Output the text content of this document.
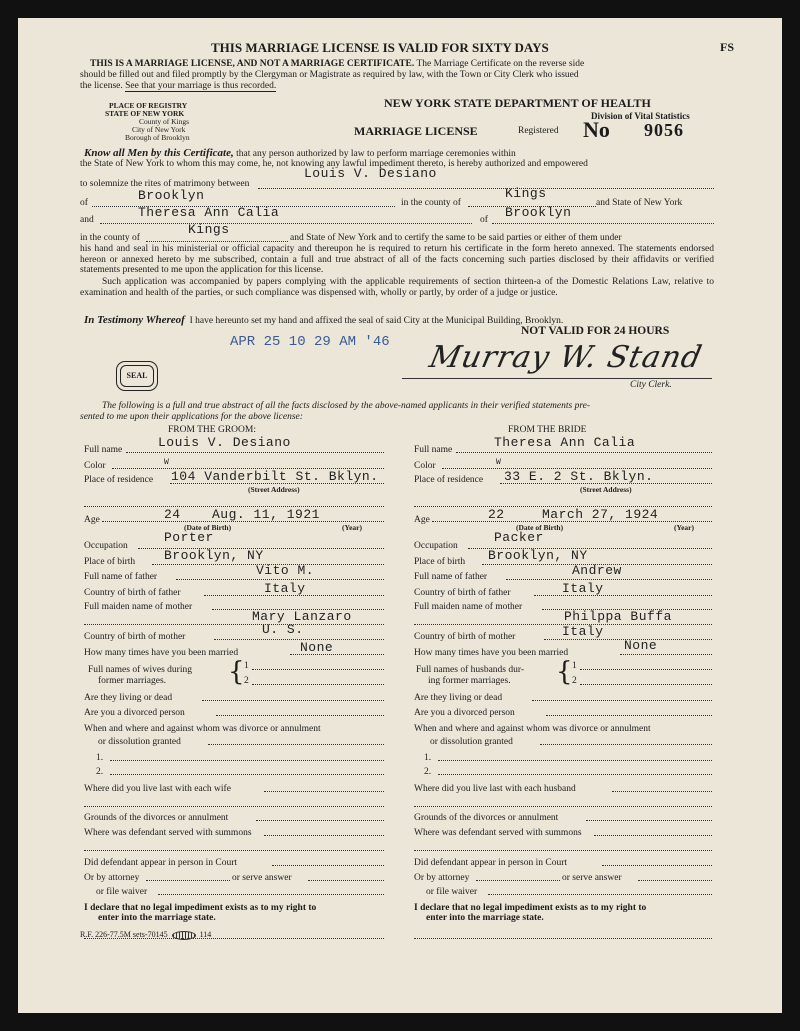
THIS MARRIAGE LICENSE IS VALID FOR SIXTY DAYS	FS
THIS IS A MARRIAGE LICENSE, AND NOT A MARRIAGE CERTIFICATE. The Marriage Certificate on the reverse side
should be filled out and filed promptly by the Clergyman or Magistrate as required by law, with the Town or City Clerk who issued
the license. See that your marriage is thus recorded.
PLACE OF REGISTRY
STATE OF NEW YORK
County of Kings
City of New York
Borough of Brooklyn
NEW YORK STATE DEPARTMENT OF HEALTH
Division of Vital Statistics
MARRIAGE LICENSE	Registered No 9056
Know all Men by this Certificate, that any person authorized by law to perform marriage ceremonies within
the State of New York to whom this may come, he, not knowing any lawful impediment thereto, is hereby authorized and empowered
to solemnize the rites of matrimony between
Louis V. Desiano
of	Brooklyn	in the county of
Kings
and State of New York
and	Theresa Ann Calia	of Brooklyn
in the county of
Kings
and State of New York and to certify the same to be said parties or either of them under
his hand and seal in his ministerial or official capacity and thereupon he is required to return his certificate in the form hereto annexed. The statements endorsed hereon or annexed hereto by me subscribed, contain a full and true abstract of all of the facts concerning such parties disclosed by their affidavits or verified statements presented to me upon the application for this license.
Such application was accompanied by papers complying with the applicable requirements of section thirteen-a of the Domestic Relations Law, relative to examination and health of the parties, or such compliance was dispensed with, wholly or partly, by order of a judge or justice.
In Testimony Whereof I have hereunto set my hand and affixed the seal of said City at the Municipal Building, Brooklyn.
NOT VALID FOR 24 HOURS
APR 25 10 29 AM '46
SEAL
Murray W. Stand
City Clerk.
The following is a full and true abstract of all the facts disclosed by the above-named applicants in their verified statements pre-
sented to me upon their applications for the above license:
FROM THE GROOM:
Full name	Louis V. Desiano
Color	W
Place of residence 104 Vanderbilt St. Bklyn.
(Street Address)
Age	24 Aug. 11, 1921
(Date of Birth)	(Year)
Occupation
Porter
Place of birth Brooklyn, NY
Full name of father	Vito M.
Country of birth of father	Italy
Full maiden name of mother
Mary Lanzaro
Country of birth of mother	U. S.
How many times have you been married	None
Full names of wives during
former marriages. { 1
2
Are they living or dead
Are you a divorced person
When and where and against whom was divorce or annulment
or dissolution granted
1.
2.
Where did you live last with each wife
Grounds of the divorces or annulment
Where was defendant served with summons
Did defendant appear in person in Court
Or by attorney	or serve answer
or file waiver
I declare that no legal impediment exists as to my right to
enter into the marriage state.
FROM THE BRIDE
Full name	Theresa Ann Calia
Color	W
Place of residence 33 E. 2 St. Bklyn.
(Street Address)
Age	22	March 27, 1924
(Date of Birth)	(Year)
Occupation
Packer
Place of birth Brooklyn, NY
Full name of father	Andrew
Country of birth of father	Italy
Full maiden name of mother
Philppa Buffa
Country of birth of mother	Italy
How many times have you been married	None
Full names of husbands dur-
ing former marriages. { 1
2
Are they living or dead
Are you a divorced person
When and where and against whom was divorce or annulment
or dissolution granted
1.
2.
Where did you live last with each husband
Grounds of the divorces or annulment
Where was defendant served with summons
Did defendant appear in person in Court
Or by attorney	or serve answer
or file waiver
I declare that no legal impediment exists as to my right to
enter into the marriage state.
R.F. 226-77.5M sets-70145	114
